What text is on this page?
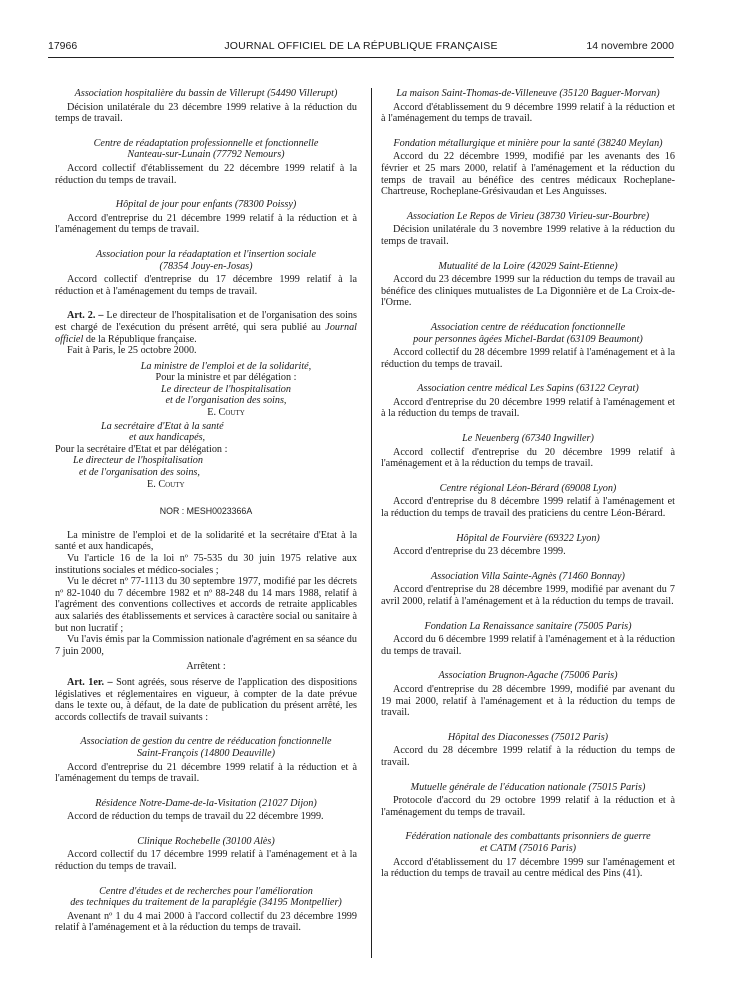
17966	JOURNAL OFFICIEL DE LA RÉPUBLIQUE FRANÇAISE	14 novembre 2000
Association hospitalière du bassin de Villerupt (54490 Villerupt)
Décision unilatérale du 23 décembre 1999 relative à la réduction du temps de travail.
Centre de réadaptation professionnelle et fonctionnelle
Nanteau-sur-Lunain (77792 Nemours)
Accord collectif d'établissement du 22 décembre 1999 relatif à la réduction du temps de travail.
Hôpital de jour pour enfants (78300 Poissy)
Accord d'entreprise du 21 décembre 1999 relatif à la réduction et à l'aménagement du temps de travail.
Association pour la réadaptation et l'insertion sociale
(78354 Jouy-en-Josas)
Accord collectif d'entreprise du 17 décembre 1999 relatif à la réduction et à l'aménagement du temps de travail.

Art. 2. – Le directeur de l'hospitalisation et de l'organisation des soins est chargé de l'exécution du présent arrêté, qui sera publié au Journal officiel de la République française.

Fait à Paris, le 25 octobre 2000.

La ministre de l'emploi et de la solidarité,
Pour la ministre et par délégation :
Le directeur de l'hospitalisation
et de l'organisation des soins,
E. Couty
La secrétaire d'Etat à la santé
et aux handicapés,
Pour la secrétaire d'Etat et par délégation :
Le directeur de l'hospitalisation
et de l'organisation des soins,
E. Couty
NOR : MESH0023366A

La ministre de l'emploi et de la solidarité et la secrétaire d'Etat à la santé et aux handicapés,

Vu l'article 16 de la loi nº 75-535 du 30 juin 1975 relative aux institutions sociales et médico-sociales ;

Vu le décret nº 77-1113 du 30 septembre 1977, modifié par les décrets nº 82-1040 du 7 décembre 1982 et nº 88-248 du 14 mars 1988, relatif à l'agrément des conventions collectives et accords de retraite applicables aux salariés des établissements et services à caractère social ou sanitaire à but non lucratif ;

Vu l'avis émis par la Commission nationale d'agrément en sa séance du 7 juin 2000,

Arrêtent :

Art. 1er. – Sont agréés, sous réserve de l'application des dispositions législatives et réglementaires en vigueur, à compter de la date prévue dans le texte ou, à défaut, de la date de publication du présent arrêté, les accords collectifs de travail suivants :

Association de gestion du centre de rééducation fonctionnelle
Saint-François (14800 Deauville)
Accord d'entreprise du 21 décembre 1999 relatif à la réduction et à l'aménagement du temps de travail.
Résidence Notre-Dame-de-la-Visitation (21027 Dijon)
Accord de réduction du temps de travail du 22 décembre 1999.
Clinique Rochebelle (30100 Alès)
Accord collectif du 17 décembre 1999 relatif à l'aménagement et à la réduction du temps de travail.
Centre d'études et de recherches pour l'amélioration
des techniques du traitement de la paraplégie (34195 Montpellier)
Avenant nº 1 du 4 mai 2000 à l'accord collectif du 23 décembre 1999 relatif à l'aménagement et à la réduction du temps de travail.
La maison Saint-Thomas-de-Villeneuve (35120 Baguer-Morvan)
Accord d'établissement du 9 décembre 1999 relatif à la réduction et à l'aménagement du temps de travail.
Fondation métallurgique et minière pour la santé (38240 Meylan)
Accord du 22 décembre 1999, modifié par les avenants des 16 février et 25 mars 2000, relatif à l'aménagement et la réduction du temps de travail au bénéfice des centres médicaux Rocheplane-Chartreuse, Rocheplane-Grésivaudan et Les Anguisses.
Association Le Repos de Virieu (38730 Virieu-sur-Bourbre)
Décision unilatérale du 3 novembre 1999 relative à la réduction du temps de travail.
Mutualité de la Loire (42029 Saint-Etienne)
Accord du 23 décembre 1999 sur la réduction du temps de travail au bénéfice des cliniques mutualistes de La Digonnière et de La Croix-de-l'Orme.
Association centre de rééducation fonctionnelle
pour personnes âgées Michel-Bardat (63109 Beaumont)
Accord collectif du 28 décembre 1999 relatif à l'aménagement et à la réduction du temps de travail.
Association centre médical Les Sapins (63122 Ceyrat)
Accord d'entreprise du 20 décembre 1999 relatif à l'aménagement et à la réduction du temps de travail.
Le Neuenberg (67340 Ingwiller)
Accord collectif d'entreprise du 20 décembre 1999 relatif à l'aménagement et à la réduction du temps de travail.
Centre régional Léon-Bérard (69008 Lyon)
Accord d'entreprise du 8 décembre 1999 relatif à l'aménagement et la réduction du temps de travail des praticiens du centre Léon-Bérard.
Hôpital de Fourvière (69322 Lyon)
Accord d'entreprise du 23 décembre 1999.
Association Villa Sainte-Agnès (71460 Bonnay)
Accord d'entreprise du 28 décembre 1999, modifié par avenant du 7 avril 2000, relatif à l'aménagement et à la réduction du temps de travail.
Fondation La Renaissance sanitaire (75005 Paris)
Accord du 6 décembre 1999 relatif à l'aménagement et à la réduction du temps de travail.
Association Brugnon-Agache (75006 Paris)
Accord d'entreprise du 28 décembre 1999, modifié par avenant du 19 mai 2000, relatif à l'aménagement et à la réduction du temps de travail.
Hôpital des Diaconesses (75012 Paris)
Accord du 28 décembre 1999 relatif à la réduction du temps de travail.
Mutuelle générale de l'éducation nationale (75015 Paris)
Protocole d'accord du 29 octobre 1999 relatif à la réduction et à l'aménagement du temps de travail.
Fédération nationale des combattants prisonniers de guerre
et CATM (75016 Paris)
Accord d'établissement du 17 décembre 1999 sur l'aménagement et la réduction du temps de travail au centre médical des Pins (41).
